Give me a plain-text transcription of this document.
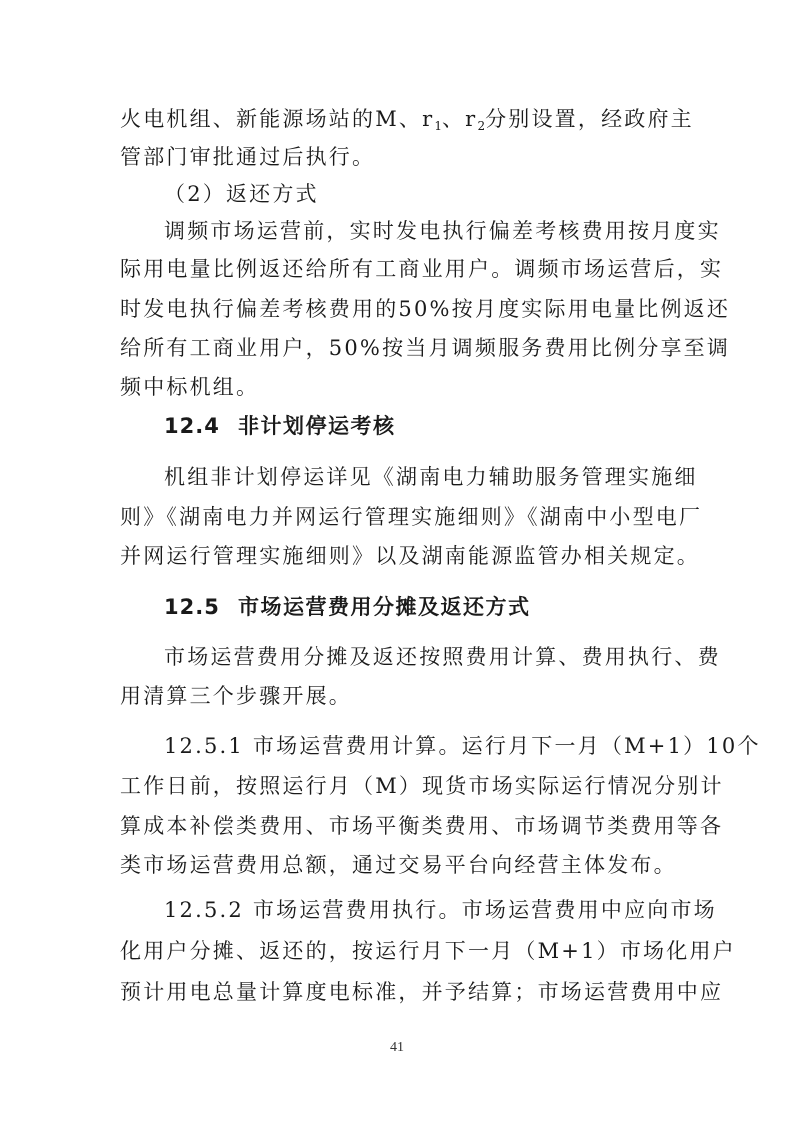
火电机组、新能源场站的M、$r_1$、$r_2$分别设置，经政府主
管部门审批通过后执行。
（2）返还方式
调频市场运营前，实时发电执行偏差考核费用按月度实
际用电量比例返还给所有工商业用户。调频市场运营后，实
时发电执行偏差考核费用的50%按月度实际用电量比例返还
给所有工商业用户，50%按当月调频服务费用比例分享至调
频中标机组。
12.4 非计划停运考核
机组非计划停运详见《湖南电力辅助服务管理实施细
则》《湖南电力并网运行管理实施细则》《湖南中小型电厂
并网运行管理实施细则》以及湖南能源监管办相关规定。
12.5 市场运营费用分摊及返还方式
市场运营费用分摊及返还按照费用计算、费用执行、费
用清算三个步骤开展。
12.5.1 市场运营费用计算。运行月下一月（M+1）10个
工作日前，按照运行月（M）现货市场实际运行情况分别计
算成本补偿类费用、市场平衡类费用、市场调节类费用等各
类市场运营费用总额，通过交易平台向经营主体发布。
12.5.2 市场运营费用执行。市场运营费用中应向市场
化用户分摊、返还的，按运行月下一月（M+1）市场化用户
预计用电总量计算度电标准，并予结算；市场运营费用中应
41
